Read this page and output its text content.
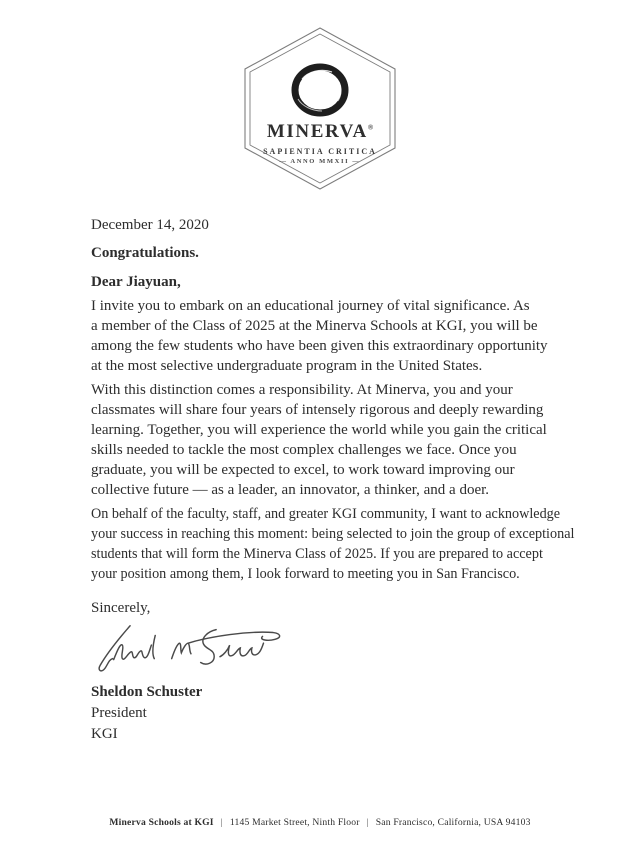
MINERVA®
SAPIENTIA CRITICA
— ANNO MMXII —
December 14, 2020
Congratulations.
Dear Jiayuan,
I invite you to embark on an educational journey of vital significance. As
a member of the Class of 2025 at the Minerva Schools at KGI, you will be
among the few students who have been given this extraordinary opportunity
at the most selective undergraduate program in the United States.
With this distinction comes a responsibility. At Minerva, you and your
classmates will share four years of intensely rigorous and deeply rewarding
learning. Together, you will experience the world while you gain the critical
skills needed to tackle the most complex challenges we face. Once you
graduate, you will be expected to excel, to work toward improving our
collective future — as a leader, an innovator, a thinker, and a doer.
On behalf of the faculty, staff, and greater KGI community, I want to acknowledge
your success in reaching this moment: being selected to join the group of exceptional
students that will form the Minerva Class of 2025. If you are prepared to accept
your position among them, I look forward to meeting you in San Francisco.
Sincerely,
Sheldon Schuster
President
KGI
Minerva Schools at KGI | 1145 Market Street, Ninth Floor | San Francisco, California, USA 94103
